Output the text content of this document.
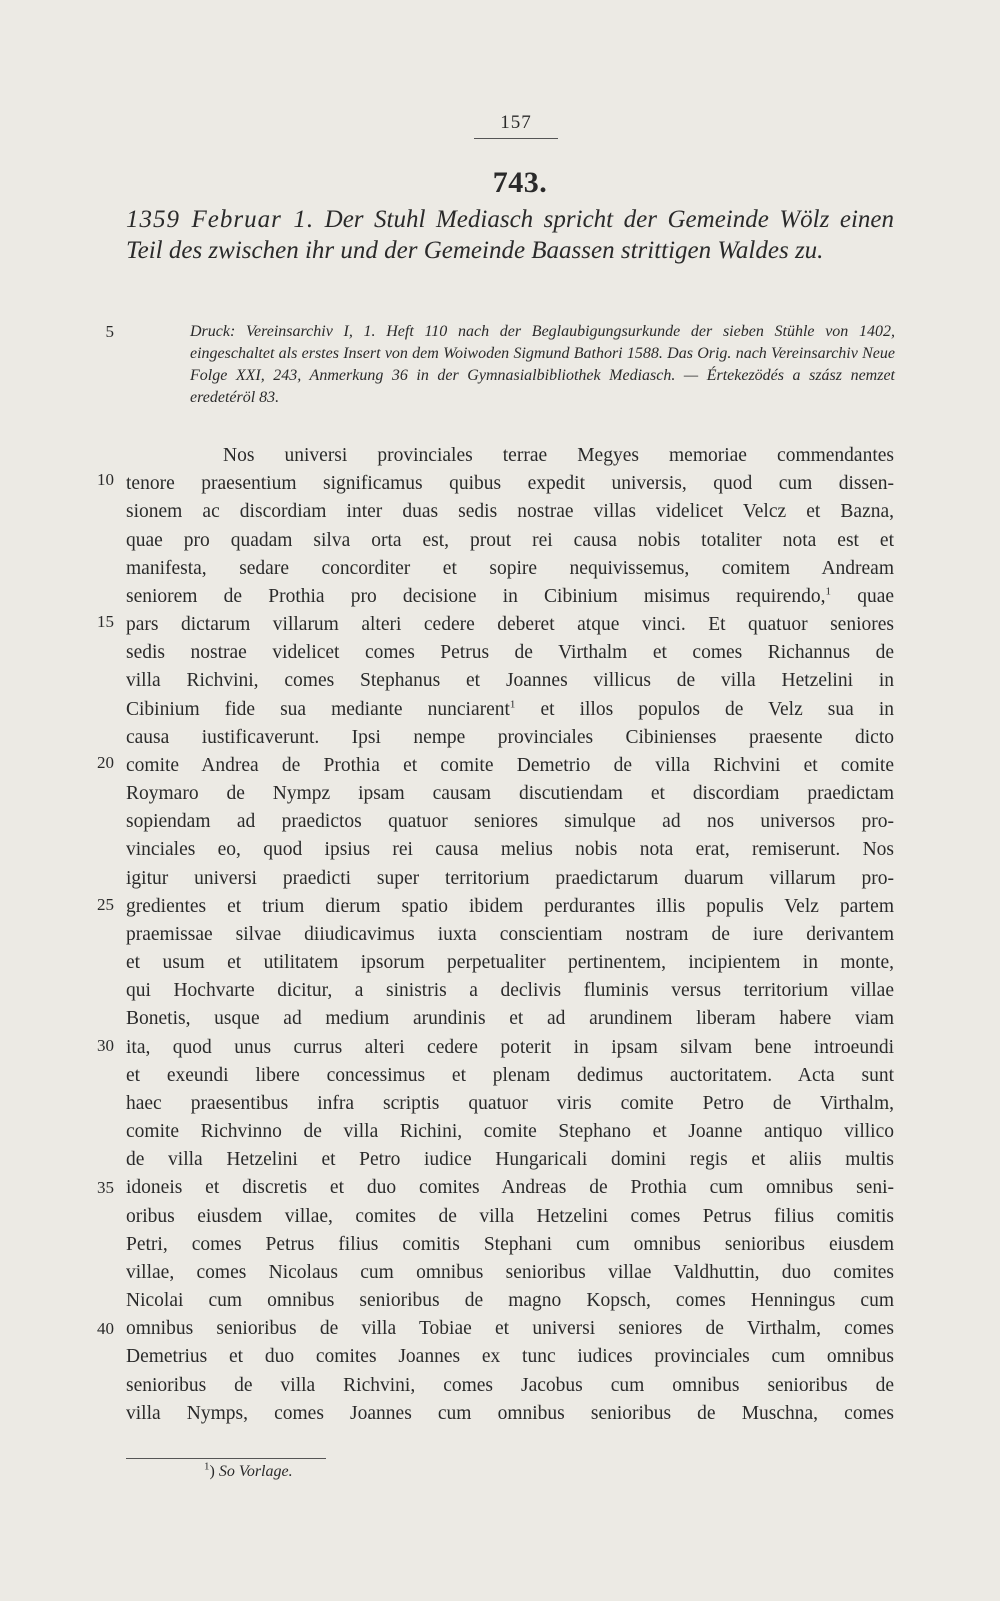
157
743.
1359 Februar 1. Der Stuhl Mediasch spricht der Gemeinde Wölz einen Teil des zwischen ihr und der Gemeinde Baassen strittigen Waldes zu.
Druck: Vereinsarchiv I, 1. Heft 110 nach der Beglaubigungsurkunde der sieben Stühle von 1402, eingeschaltet als erstes Insert von dem Woiwoden Sigmund Bathori 1588. Das Orig. nach Vereinsarchiv Neue Folge XXI, 243, Anmerkung 36 in der Gymnasialbibliothek Mediasch. — Értekezödés a szász nemzet eredetéröl 83.
5
10
15
20
25
30
35
40
Nos universi provinciales terrae Megyes memoriae commendantes
tenore praesentium significamus quibus expedit universis, quod cum dissen-
sionem ac discordiam inter duas sedis nostrae villas videlicet Velcz et Bazna,
quae pro quadam silva orta est, prout rei causa nobis totaliter nota est et
manifesta, sedare concorditer et sopire nequivissemus, comitem Andream
seniorem de Prothia pro decisione in Cibinium misimus requirendo,$^1$ quae
pars dictarum villarum alteri cedere deberet atque vinci. Et quatuor seniores
sedis nostrae videlicet comes Petrus de Virthalm et comes Richannus de
villa Richvini, comes Stephanus et Joannes villicus de villa Hetzelini in
Cibinium fide sua mediante nunciarent$^1$ et illos populos de Velz sua in
causa iustificaverunt. Ipsi nempe provinciales Cibinienses praesente dicto
comite Andrea de Prothia et comite Demetrio de villa Richvini et comite
Roymaro de Nympz ipsam causam discutiendam et discordiam praedictam
sopiendam ad praedictos quatuor seniores simulque ad nos universos pro-
vinciales eo, quod ipsius rei causa melius nobis nota erat, remiserunt. Nos
igitur universi praedicti super territorium praedictarum duarum villarum pro-
gredientes et trium dierum spatio ibidem perdurantes illis populis Velz partem
praemissae silvae diiudicavimus iuxta conscientiam nostram de iure derivantem
et usum et utilitatem ipsorum perpetualiter pertinentem, incipientem in monte,
qui Hochvarte dicitur, a sinistris a declivis fluminis versus territorium villae
Bonetis, usque ad medium arundinis et ad arundinem liberam habere viam
ita, quod unus currus alteri cedere poterit in ipsam silvam bene introeundi
et exeundi libere concessimus et plenam dedimus auctoritatem. Acta sunt
haec praesentibus infra scriptis quatuor viris comite Petro de Virthalm,
comite Richvinno de villa Richini, comite Stephano et Joanne antiquo villico
de villa Hetzelini et Petro iudice Hungaricali domini regis et aliis multis
idoneis et discretis et duo comites Andreas de Prothia cum omnibus seni-
oribus eiusdem villae, comites de villa Hetzelini comes Petrus filius comitis
Petri, comes Petrus filius comitis Stephani cum omnibus senioribus eiusdem
villae, comes Nicolaus cum omnibus senioribus villae Valdhuttin, duo comites
Nicolai cum omnibus senioribus de magno Kopsch, comes Henningus cum
omnibus senioribus de villa Tobiae et universi seniores de Virthalm, comes
Demetrius et duo comites Joannes ex tunc iudices provinciales cum omnibus
senioribus de villa Richvini, comes Jacobus cum omnibus senioribus de
villa Nymps, comes Joannes cum omnibus senioribus de Muschna, comes
$^1$) So Vorlage.
